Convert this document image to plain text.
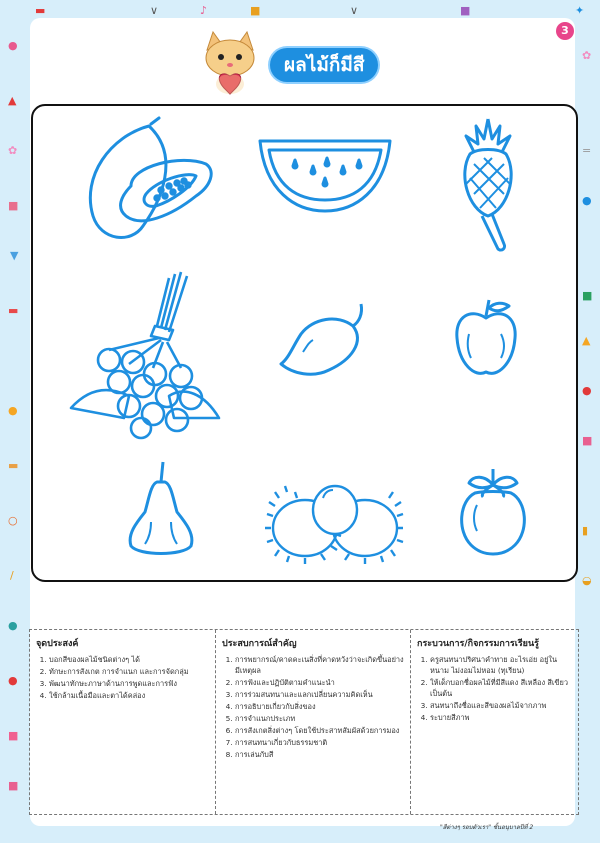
●
▲
✿
■
▼
▬
●
▬
○
/
●
●
■
■
▬	∨	♪	■	∨	■	✦
✿
=
●
■
▲
●
■
▮
◒
3
ผลไม้ก็มีสี
จุดประสงค์
1. บอกสีของผลไม้ชนิดต่างๆ ได้
2. ทักษะการสังเกต การจำแนก และการจัดกลุ่ม
3. พัฒนาทักษะภาษาด้านการพูดและการฟัง
4. ใช้กล้ามเนื้อมือและตาได้คล่อง
ประสบการณ์สำคัญ
1. การพยากรณ์/คาดคะเนสิ่งที่คาดหวังว่าจะเกิดขึ้นอย่างมีเหตุผล
2. การฟังและปฏิบัติตามคำแนะนำ
3. การร่วมสนทนาและแลกเปลี่ยนความคิดเห็น
4. การอธิบายเกี่ยวกับสิ่งของ
5. การจำแนกประเภท
6. การสังเกตสิ่งต่างๆ โดยใช้ประสาทสัมผัสด้วยการมอง
7. การสนทนาเกี่ยวกับธรรมชาติ
8. การเล่นกับสี
กระบวนการ/กิจกรรมการเรียนรู้
1. ครูสนทนาปริศนาคำทาย อะไรเอ่ย อยู่ในหนาม ไม่งอมไม่หอม (ทุเรียน)
2. ให้เด็กบอกชื่อผลไม้ที่มีสีแดง สีเหลือง สีเขียว เป็นต้น
3. สนทนาถึงชื่อและสีของผลไม้จากภาพ
4. ระบายสีภาพ
"สีต่างๆ รอบตัวเรา" ชั้นอนุบาลปีที่ 2
